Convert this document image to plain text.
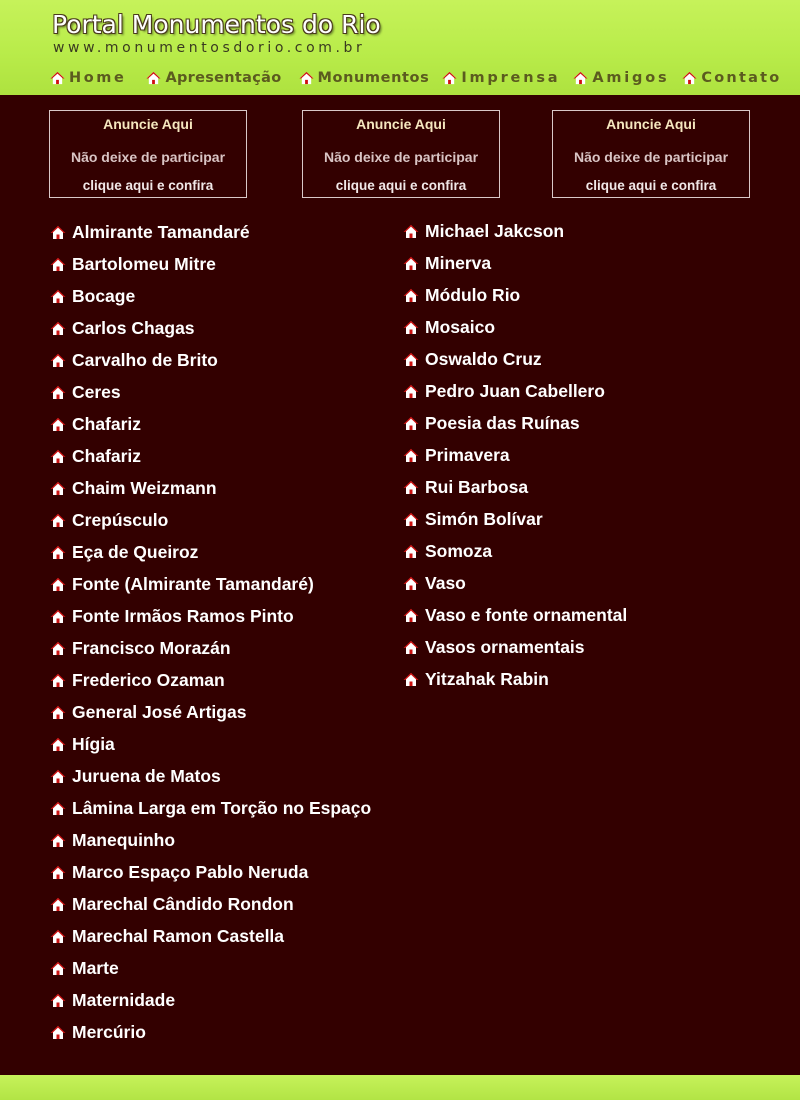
Portal Monumentos do Rio
www.monumentosdorio.com.br
Home	Apresentação Monumentos Imprensa Amigos Contato
Anuncie Aqui
Não deixe de participar
clique aqui e confira
Anuncie Aqui
Não deixe de participar
clique aqui e confira
Anuncie Aqui
Não deixe de participar
clique aqui e confira
Almirante Tamandaré
Bartolomeu Mitre
Bocage
Carlos Chagas
Carvalho de Brito
Ceres
Chafariz
Chafariz
Chaim Weizmann
Crepúsculo
Eça de Queiroz
Fonte (Almirante Tamandaré)
Fonte Irmãos Ramos Pinto
Francisco Morazán
Frederico Ozaman
General José Artigas
Hígia
Juruena de Matos
Lâmina Larga em Torção no Espaço
Manequinho
Marco Espaço Pablo Neruda
Marechal Cândido Rondon
Marechal Ramon Castella
Marte
Maternidade
Mercúrio
Michael Jakcson
Minerva
Módulo Rio
Mosaico
Oswaldo Cruz
Pedro Juan Cabellero
Poesia das Ruínas
Primavera
Rui Barbosa
Simón Bolívar
Somoza
Vaso
Vaso e fonte ornamental
Vasos ornamentais
Yitzahak Rabin
